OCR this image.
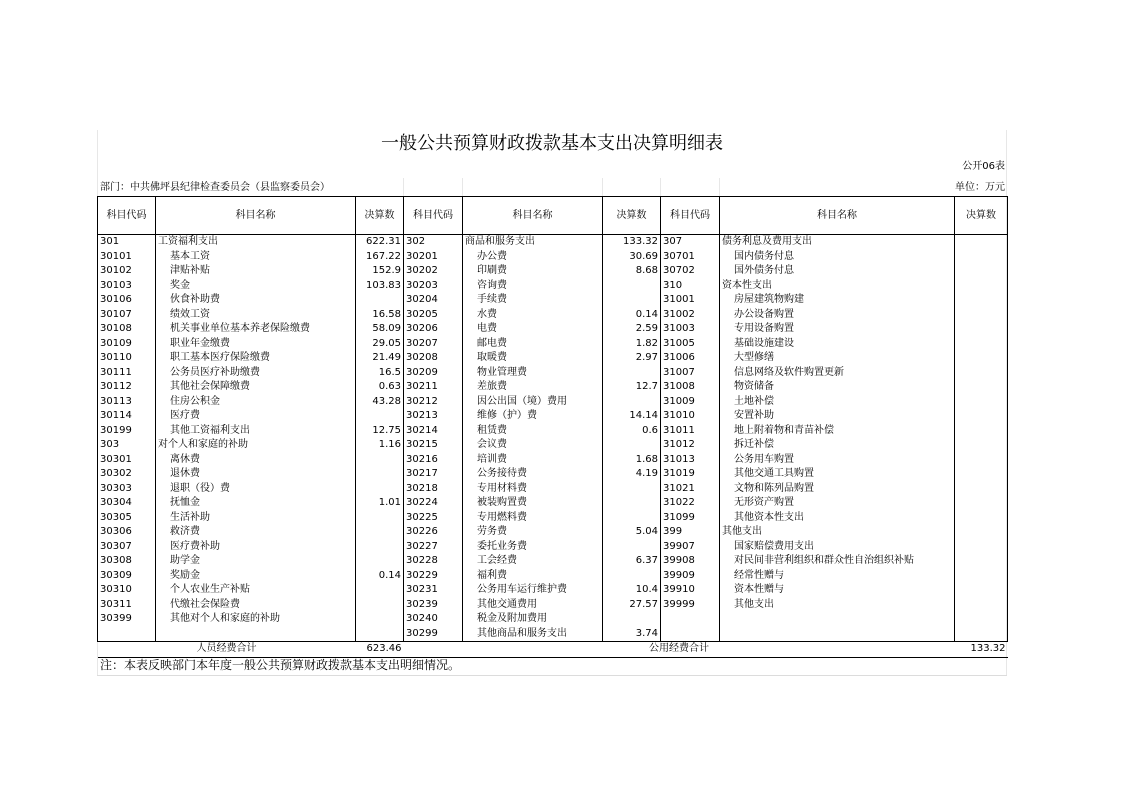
一般公共预算财政拨款基本支出决算明细表
公开06表
部门：中共佛坪县纪律检查委员会（县监察委员会）	单位：万元
科目代码	科目名称	决算数	科目代码	科目名称	决算数	科目代码	科目名称	决算数
301	工资福利支出	622.31	302	商品和服务支出	133.32	307	债务利息及费用支出	
30101	基本工资	167.22	30201	办公费	30.69	30701	国内债务付息	
30102	津贴补贴	152.9	30202	印刷费	8.68	30702	国外债务付息	
30103	奖金	103.83	30203	咨询费		310	资本性支出	
30106	伙食补助费		30204	手续费		31001	房屋建筑物购建	
30107	绩效工资	16.58	30205	水费	0.14	31002	办公设备购置	
30108	机关事业单位基本养老保险缴费	58.09	30206	电费	2.59	31003	专用设备购置	
30109	职业年金缴费	29.05	30207	邮电费	1.82	31005	基础设施建设	
30110	职工基本医疗保险缴费	21.49	30208	取暖费	2.97	31006	大型修缮	
30111	公务员医疗补助缴费	16.5	30209	物业管理费		31007	信息网络及软件购置更新	
30112	其他社会保障缴费	0.63	30211	差旅费	12.7	31008	物资储备	
30113	住房公积金	43.28	30212	因公出国（境）费用		31009	土地补偿	
30114	医疗费		30213	维修（护）费	14.14	31010	安置补助	
30199	其他工资福利支出	12.75	30214	租赁费	0.6	31011	地上附着物和青苗补偿	
303	对个人和家庭的补助	1.16	30215	会议费		31012	拆迁补偿	
30301	离休费		30216	培训费	1.68	31013	公务用车购置	
30302	退休费		30217	公务接待费	4.19	31019	其他交通工具购置	
30303	退职（役）费		30218	专用材料费		31021	文物和陈列品购置	
30304	抚恤金	1.01	30224	被装购置费		31022	无形资产购置	
30305	生活补助		30225	专用燃料费		31099	其他资本性支出	
30306	救济费		30226	劳务费	5.04	399	其他支出	
30307	医疗费补助		30227	委托业务费		39907	国家赔偿费用支出	
30308	助学金		30228	工会经费	6.37	39908	对民间非营利组织和群众性自治组织补贴	
30309	奖励金	0.14	30229	福利费		39909	经常性赠与	
30310	个人农业生产补贴		30231	公务用车运行维护费	10.4	39910	资本性赠与	
30311	代缴社会保险费		30239	其他交通费用	27.57	39999	其他支出	
30399	其他对个人和家庭的补助		30240	税金及附加费用				
			30299	其他商品和服务支出	3.74			
人员经费合计		623.46	公用经费合计					133.32
注：本表反映部门本年度一般公共预算财政拨款基本支出明细情况。
